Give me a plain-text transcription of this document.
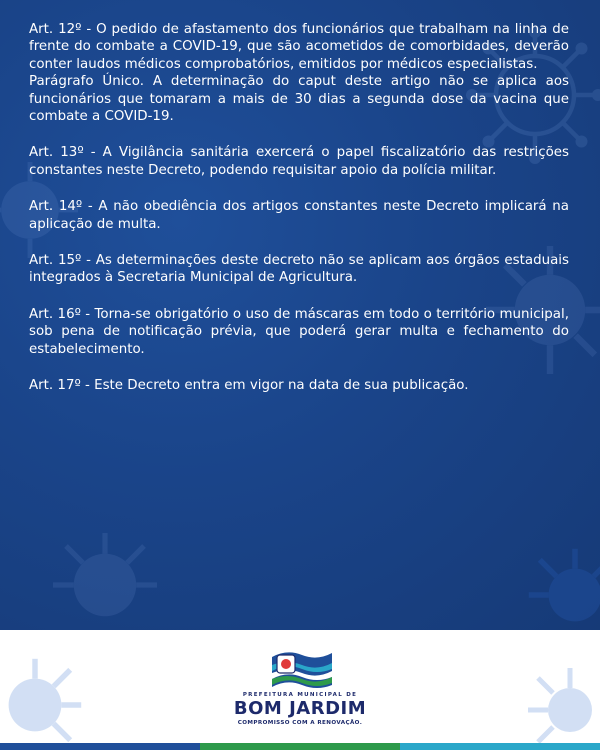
Art. 12º - O pedido de afastamento dos funcionários que trabalham na linha de frente do combate a COVID-19, que são acometidos de comorbidades, deverão conter laudos médicos comprobatórios, emitidos por médicos especialistas.

Parágrafo Único. A determinação do caput deste artigo não se aplica aos funcionários que tomaram a mais de 30 dias a segunda dose da vacina que combate a COVID-19.

Art. 13º - A Vigilância sanitária exercerá o papel fiscalizatório das restrições constantes neste Decreto, podendo requisitar apoio da polícia militar.

Art. 14º - A não obediência dos artigos constantes neste Decreto implicará na aplicação de multa.

Art. 15º - As determinações deste decreto não se aplicam aos órgãos estaduais integrados à Secretaria Municipal de Agricultura.

Art. 16º - Torna-se obrigatório o uso de máscaras em todo o território municipal, sob pena de notificação prévia, que poderá gerar multa e fechamento do estabelecimento.

Art. 17º - Este Decreto entra em vigor na data de sua publicação.

PREFEITURA MUNICIPAL DE
BOM JARDIM
COMPROMISSO COM A RENOVAÇÃO.
